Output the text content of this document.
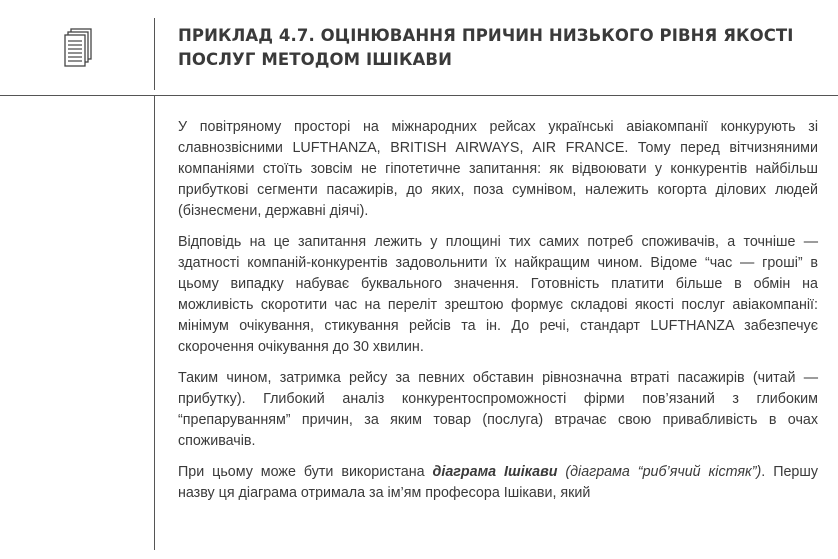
ПРИКЛАД 4.7. ОЦІНЮВАННЯ ПРИЧИН НИЗЬКОГО РІВНЯ ЯКОСТІ ПОСЛУГ МЕТОДОМ ІШІКАВИ

У повітряному просторі на міжнародних рейсах українські авіакомпанії конкурують зі славнозвісними LUFTHANZA, BRITISH AIRWAYS, AIR FRANCE. Тому перед вітчизняними компаніями стоїть зовсім не гіпотетичне запитання: як відвоювати у конкурентів найбільш прибуткові сегменти пасажирів, до яких, поза сумнівом, належить когорта ділових людей (бізнесмени, державні діячі).

Відповідь на це запитання лежить у площині тих самих потреб споживачів, а точніше — здатності компаній-конкурентів задовольнити їх найкращим чином. Відоме “час — гроші” в цьому випадку набуває буквального значення. Готовність платити більше в обмін на можливість скоротити час на переліт зрештою формує складові якості послуг авіакомпанії: мінімум очікування, стикування рейсів та ін. До речі, стандарт LUFTHANZA забезпечує скорочення очікування до 30 хвилин.

Таким чином, затримка рейсу за певних обставин рівнозначна втраті пасажирів (читай — прибутку). Глибокий аналіз конкурентоспроможності фірми пов’язаний з глибоким “препаруванням” причин, за яким товар (послуга) втрачає свою привабливість в очах споживачів.

При цьому може бути використана діаграма Ішікави (діаграма “риб’ячий кістяк”). Першу назву ця діаграма отримала за ім’ям професора Ішікави, який
